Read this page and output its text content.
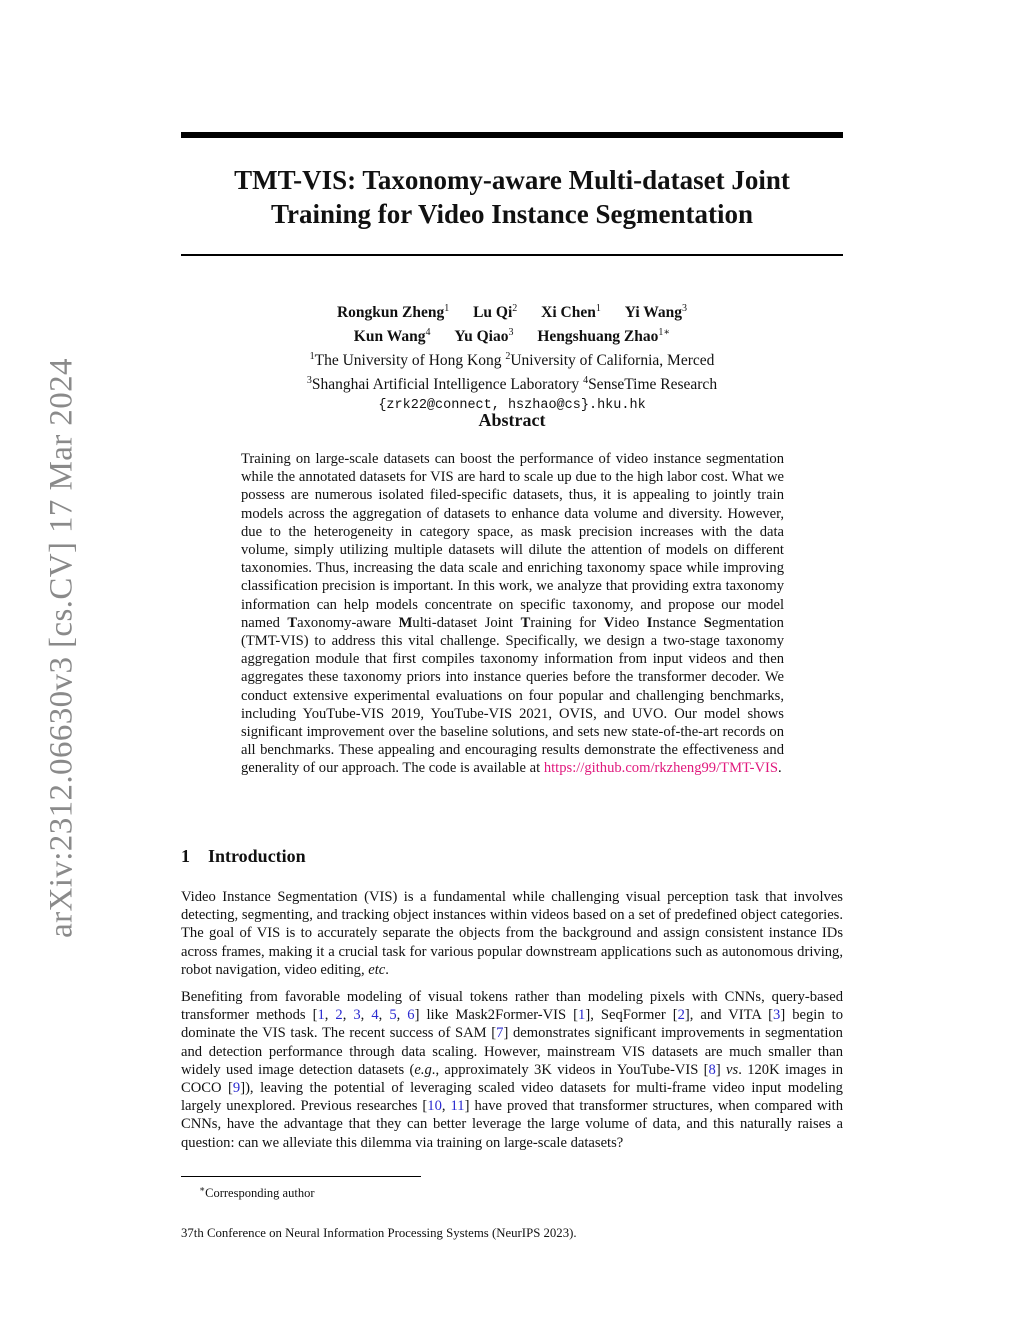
arXiv:2312.06630v3 [cs.CV] 17 Mar 2024
TMT-VIS: Taxonomy-aware Multi-dataset Joint
Training for Video Instance Segmentation
Rongkun Zheng$^1$ Lu Qi$^2$ Xi Chen$^1$ Yi Wang$^3$
Kun Wang$^4$ Yu Qiao$^3$ Hengshuang Zhao$^{1∗}$
$^1$The University of Hong Kong $^2$University of California, Merced
$^3$Shanghai Artificial Intelligence Laboratory $^4$SenseTime Research
{zrk22@connect, hszhao@cs}.hku.hk
Abstract

Training on large-scale datasets can boost the performance of video instance segmentation while the annotated datasets for VIS are hard to scale up due to the high labor cost. What we possess are numerous isolated filed-specific datasets, thus, it is appealing to jointly train models across the aggregation of datasets to enhance data volume and diversity. However, due to the heterogeneity in category space, as mask precision increases with the data volume, simply utilizing multiple datasets will dilute the attention of models on different taxonomies. Thus, increasing the data scale and enriching taxonomy space while improving classification precision is important. In this work, we analyze that providing extra taxonomy information can help models concentrate on specific taxonomy, and propose our model named Taxonomy-aware Multi-dataset Joint Training for Video Instance Segmentation (TMT-VIS) to address this vital challenge. Specifically, we design a two-stage taxonomy aggregation module that first compiles taxonomy information from input videos and then aggregates these taxonomy priors into instance queries before the transformer decoder. We conduct extensive experimental evaluations on four popular and challenging benchmarks, including YouTube-VIS 2019, YouTube-VIS 2021, OVIS, and UVO. Our model shows significant improvement over the baseline solutions, and sets new state-of-the-art records on all benchmarks. These appealing and encouraging results demonstrate the effectiveness and generality of our approach. The code is available at https://github.com/rkzheng99/TMT-VIS.

1 Introduction

Video Instance Segmentation (VIS) is a fundamental while challenging visual perception task that involves detecting, segmenting, and tracking object instances within videos based on a set of predefined object categories. The goal of VIS is to accurately separate the objects from the background and assign consistent instance IDs across frames, making it a crucial task for various popular downstream applications such as autonomous driving, robot navigation, video editing, etc.

Benefiting from favorable modeling of visual tokens rather than modeling pixels with CNNs, query-based transformer methods [1, 2, 3, 4, 5, 6] like Mask2Former-VIS [1], SeqFormer [2], and VITA [3] begin to dominate the VIS task. The recent success of SAM [7] demonstrates significant improvements in segmentation and detection performance through data scaling. However, mainstream VIS datasets are much smaller than widely used image detection datasets (e.g., approximately 3K videos in YouTube-VIS [8] vs. 120K images in COCO [9]), leaving the potential of leveraging scaled video datasets for multi-frame video input modeling largely unexplored. Previous researches [10, 11] have proved that transformer structures, when compared with CNNs, have the advantage that they can better leverage the large volume of data, and this naturally raises a question: can we alleviate this dilemma via training on large-scale datasets?

∗Corresponding author
37th Conference on Neural Information Processing Systems (NeurIPS 2023).
